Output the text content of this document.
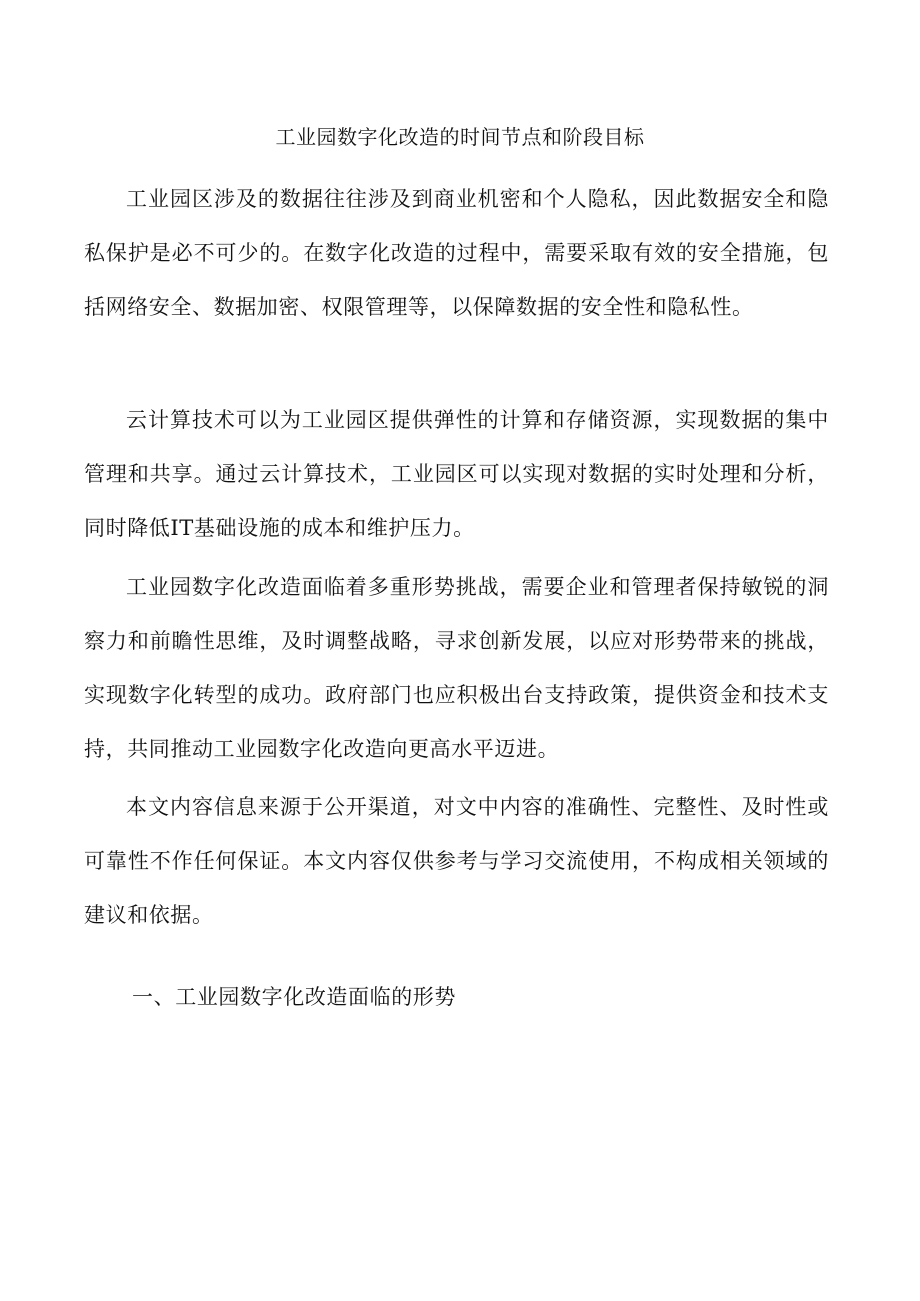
工业园数字化改造的时间节点和阶段目标

工业园区涉及的数据往往涉及到商业机密和个人隐私，因此数据安全和隐私保护是必不可少的。在数字化改造的过程中，需要采取有效的安全措施，包括网络安全、数据加密、权限管理等，以保障数据的安全性和隐私性。

云计算技术可以为工业园区提供弹性的计算和存储资源，实现数据的集中管理和共享。通过云计算技术，工业园区可以实现对数据的实时处理和分析，同时降低IT基础设施的成本和维护压力。

工业园数字化改造面临着多重形势挑战，需要企业和管理者保持敏锐的洞察力和前瞻性思维，及时调整战略，寻求创新发展，以应对形势带来的挑战，实现数字化转型的成功。政府部门也应积极出台支持政策，提供资金和技术支持，共同推动工业园数字化改造向更高水平迈进。

本文内容信息来源于公开渠道，对文中内容的准确性、完整性、及时性或可靠性不作任何保证。本文内容仅供参考与学习交流使用，不构成相关领域的建议和依据。

一、工业园数字化改造面临的形势
